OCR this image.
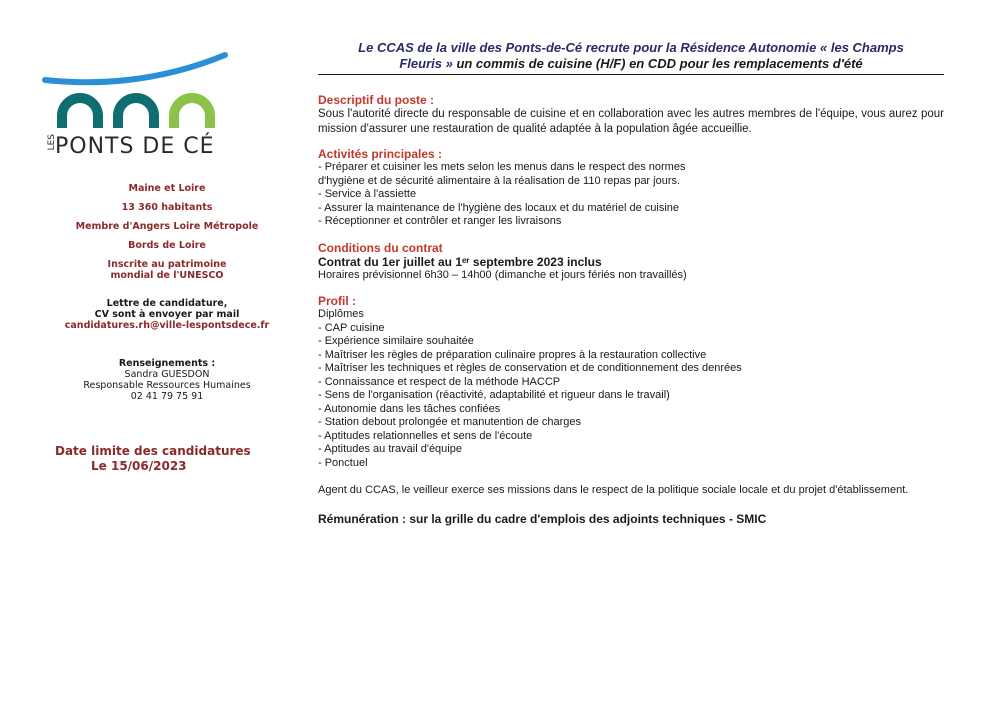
LES
PONTS DE CÉ

Maine et Loire

13 360 habitants

Membre d'Angers Loire Métropole

Bords de Loire

Inscrite au patrimoine mondial de l'UNESCO

Lettre de candidature,
CV sont à envoyer par mail
candidatures.rh@ville-lespontsdece.fr
Renseignements :
Sandra GUESDON
Responsable Ressources Humaines
02 41 79 75 91
Date limite des candidatures
Le 15/06/2023
Le CCAS de la ville des Ponts-de-Cé recrute pour la Résidence Autonomie « les Champs
Fleuris » un commis de cuisine (H/F) en CDD pour les remplacements d'été
Descriptif du poste :

Sous l'autorité directe du responsable de cuisine et en collaboration avec les autres membres de l'équipe, vous aurez pour mission d'assurer une restauration de qualité adaptée à la population âgée accueillie.

Activités principales :
- Préparer et cuisiner les mets selon les menus dans le respect des normes
d'hygiène et de sécurité alimentaire à la réalisation de 110 repas par jours.
- Service à l'assiette
- Assurer la maintenance de l'hygiène des locaux et du matériel de cuisine
- Réceptionner et contrôler et ranger les livraisons
Conditions du contrat
Contrat du 1er juillet au 1ᵉʳ septembre 2023 inclus
Horaires prévisionnel 6h30 – 14h00 (dimanche et jours fériés non travaillés)
Profil :
Diplômes
- CAP cuisine
- Expérience similaire souhaitée
- Maîtriser les règles de préparation culinaire propres à la restauration collective
- Maîtriser les techniques et règles de conservation et de conditionnement des denrées
- Connaissance et respect de la méthode HACCP
- Sens de l'organisation (réactivité, adaptabilité et rigueur dans le travail)
- Autonomie dans les tâches confiées
- Station debout prolongée et manutention de charges
- Aptitudes relationnelles et sens de l'écoute
- Aptitudes au travail d'équipe
- Ponctuel

Agent du CCAS, le veilleur exerce ses missions dans le respect de la politique sociale locale et du projet d'établissement.

Rémunération : sur la grille du cadre d'emplois des adjoints techniques - SMIC
